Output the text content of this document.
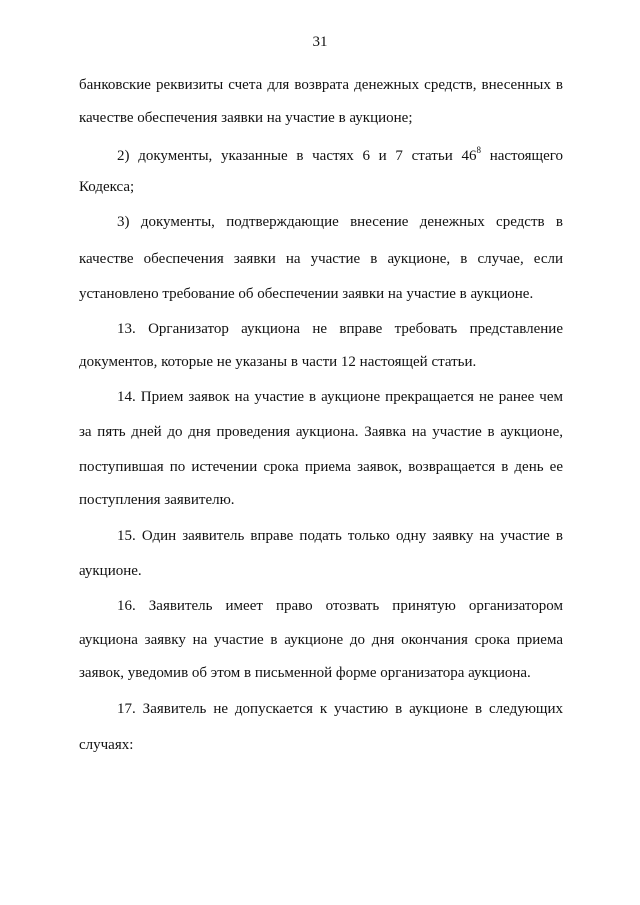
31
банковские реквизиты счета для возврата денежных средств, внесенных в
качестве обеспечения заявки на участие в аукционе;
2) документы, указанные в частях 6 и 7 статьи $46^8$ настоящего
Кодекса;
3) документы, подтверждающие внесение денежных средств в
качестве обеспечения заявки на участие в аукционе, в случае, если
установлено требование об обеспечении заявки на участие в аукционе.
13. Организатор аукциона не вправе требовать представление
документов, которые не указаны в части 12 настоящей статьи.
14. Прием заявок на участие в аукционе прекращается не ранее чем
за пять дней до дня проведения аукциона. Заявка на участие в аукционе,
поступившая по истечении срока приема заявок, возвращается в день ее
поступления заявителю.
15. Один заявитель вправе подать только одну заявку на участие в
аукционе.
16. Заявитель имеет право отозвать принятую организатором
аукциона заявку на участие в аукционе до дня окончания срока приема
заявок, уведомив об этом в письменной форме организатора аукциона.
17. Заявитель не допускается к участию в аукционе в следующих
случаях:
